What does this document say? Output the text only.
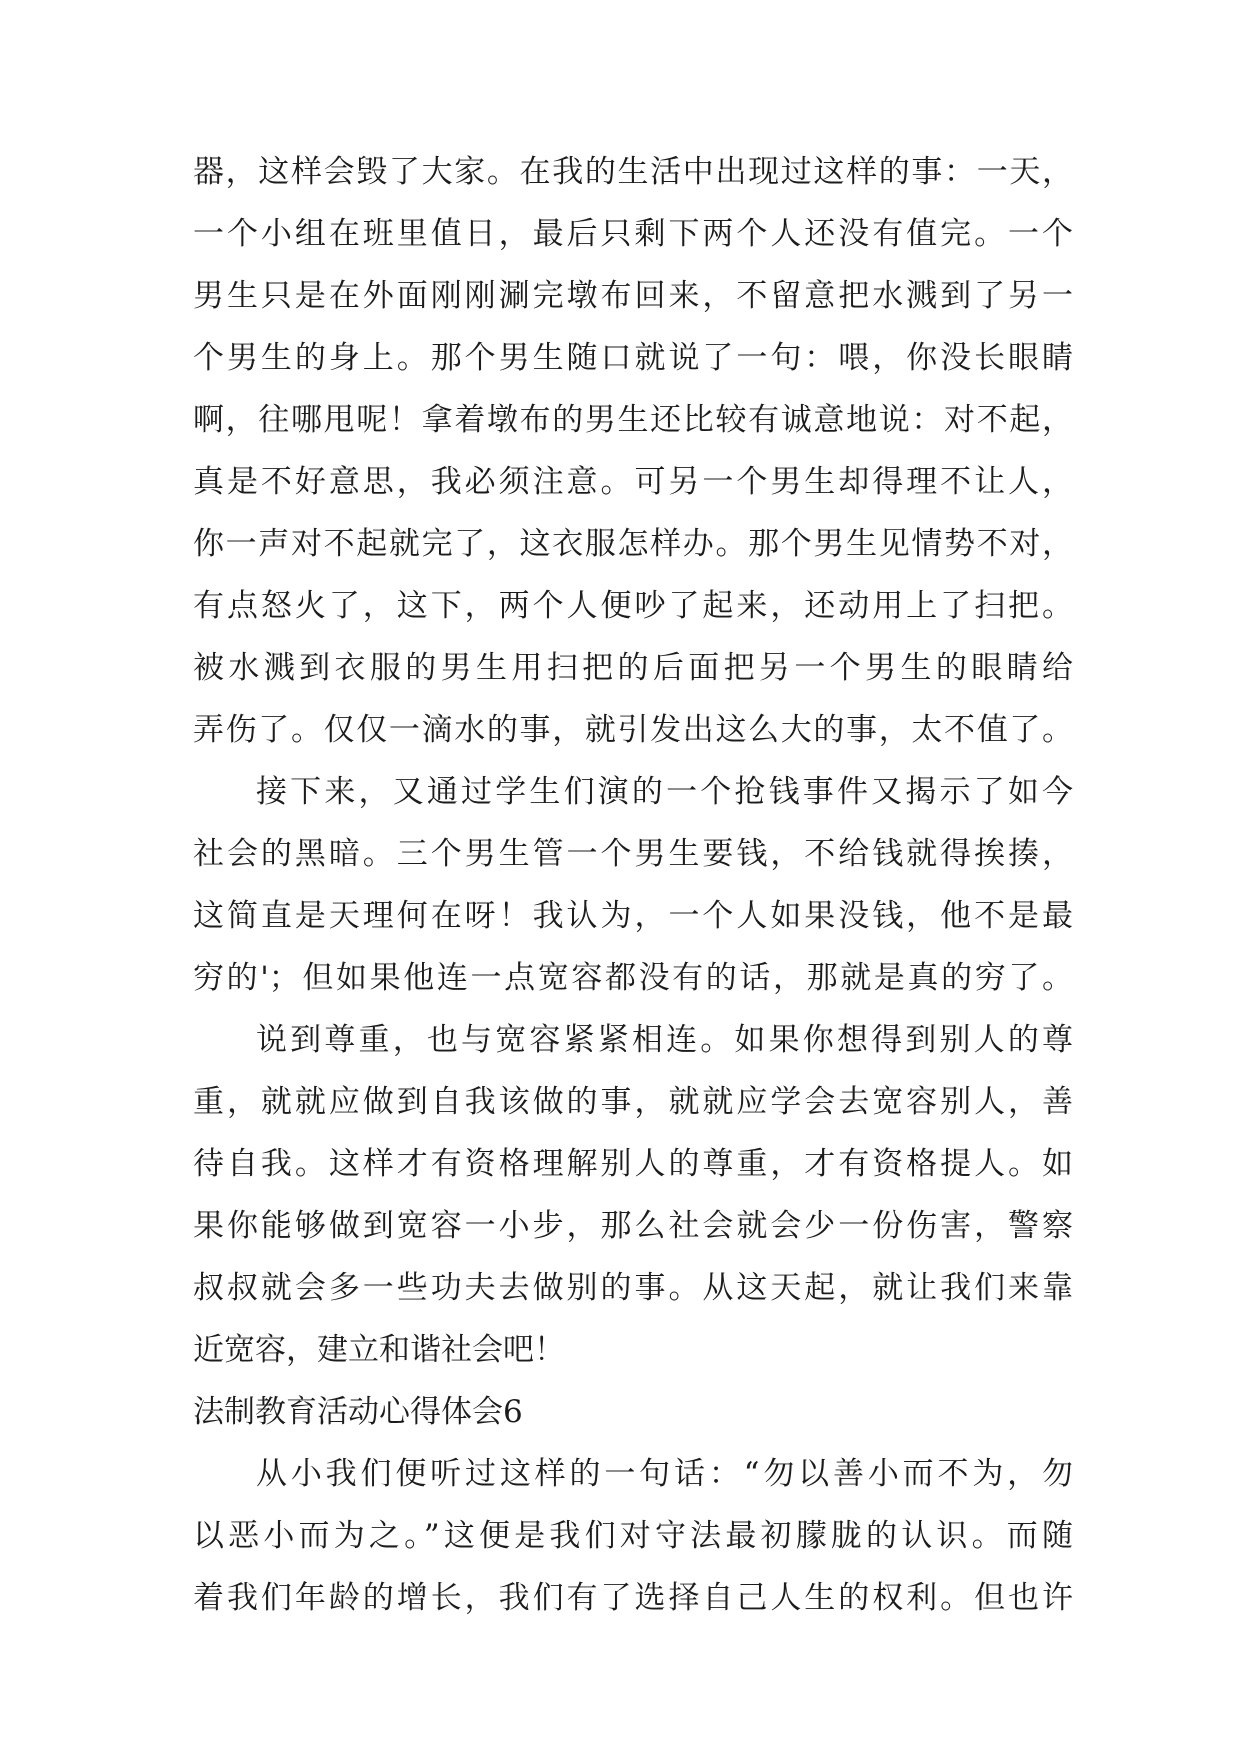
器，这样会毁了大家。在我的生活中出现过这样的事：一天，
一个小组在班里值日，最后只剩下两个人还没有值完。一个
男生只是在外面刚刚涮完墩布回来，不留意把水溅到了另一
个男生的身上。那个男生随口就说了一句：喂，你没长眼睛
啊，往哪甩呢！拿着墩布的男生还比较有诚意地说：对不起，
真是不好意思，我必须注意。可另一个男生却得理不让人，
你一声对不起就完了，这衣服怎样办。那个男生见情势不对，
有点怒火了，这下，两个人便吵了起来，还动用上了扫把。
被水溅到衣服的男生用扫把的后面把另一个男生的眼睛给
弄伤了。仅仅一滴水的事，就引发出这么大的事，太不值了。
接下来，又通过学生们演的一个抢钱事件又揭示了如今
社会的黑暗。三个男生管一个男生要钱，不给钱就得挨揍，
这简直是天理何在呀！我认为，一个人如果没钱，他不是最
穷的'；但如果他连一点宽容都没有的话，那就是真的穷了。
说到尊重，也与宽容紧紧相连。如果你想得到别人的尊
重，就就应做到自我该做的事，就就应学会去宽容别人，善
待自我。这样才有资格理解别人的尊重，才有资格提人。如
果你能够做到宽容一小步，那么社会就会少一份伤害，警察
叔叔就会多一些功夫去做别的事。从这天起，就让我们来靠
近宽容，建立和谐社会吧！
法制教育活动心得体会6
从小我们便听过这样的一句话：“勿以善小而不为，勿
以恶小而为之。”这便是我们对守法最初朦胧的认识。而随
着我们年龄的增长，我们有了选择自己人生的权利。但也许
